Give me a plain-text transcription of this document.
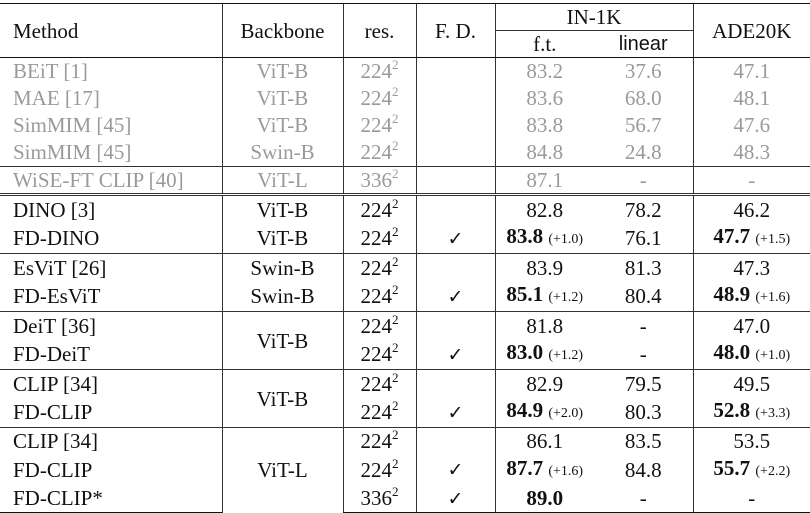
Method	Backbone	res.	F. D.	IN-1K		ADE20K
				f.t.	linear	
BEiT [1]	ViT-B	$224^2$		83.2	37.6	47.1
MAE [17]	ViT-B	$224^2$		83.6	68.0	48.1
SimMIM [45]	ViT-B	$224^2$		83.8	56.7	47.6
SimMIM [45]	Swin-B	$224^2$		84.8	24.8	48.3
WiSE-FT CLIP [40]	ViT-L	$336^2$		87.1	-	-
DINO [3]	ViT-B	$224^2$		82.8	78.2	46.2
FD-DINO	ViT-B	$224^2$	✓	83.8 (+1.0)	76.1	47.7 (+1.5)
EsViT [26]	Swin-B	$224^2$		83.9	81.3	47.3
FD-EsViT	Swin-B	$224^2$	✓	85.1 (+1.2)	80.4	48.9 (+1.6)
DeiT [36]	ViT-B	$224^2$		81.8	-	47.0
FD-DeiT		$224^2$	✓	83.0 (+1.2)	-	48.0 (+1.0)
CLIP [34]	ViT-B	$224^2$		82.9	79.5	49.5
FD-CLIP		$224^2$	✓	84.9 (+2.0)	80.3	52.8 (+3.3)
CLIP [34]	ViT-L	$224^2$		86.1	83.5	53.5
FD-CLIP		$224^2$	✓	87.7 (+1.6)	84.8	55.7 (+2.2)
FD-CLIP*		$336^2$	✓	89.0	-	-
